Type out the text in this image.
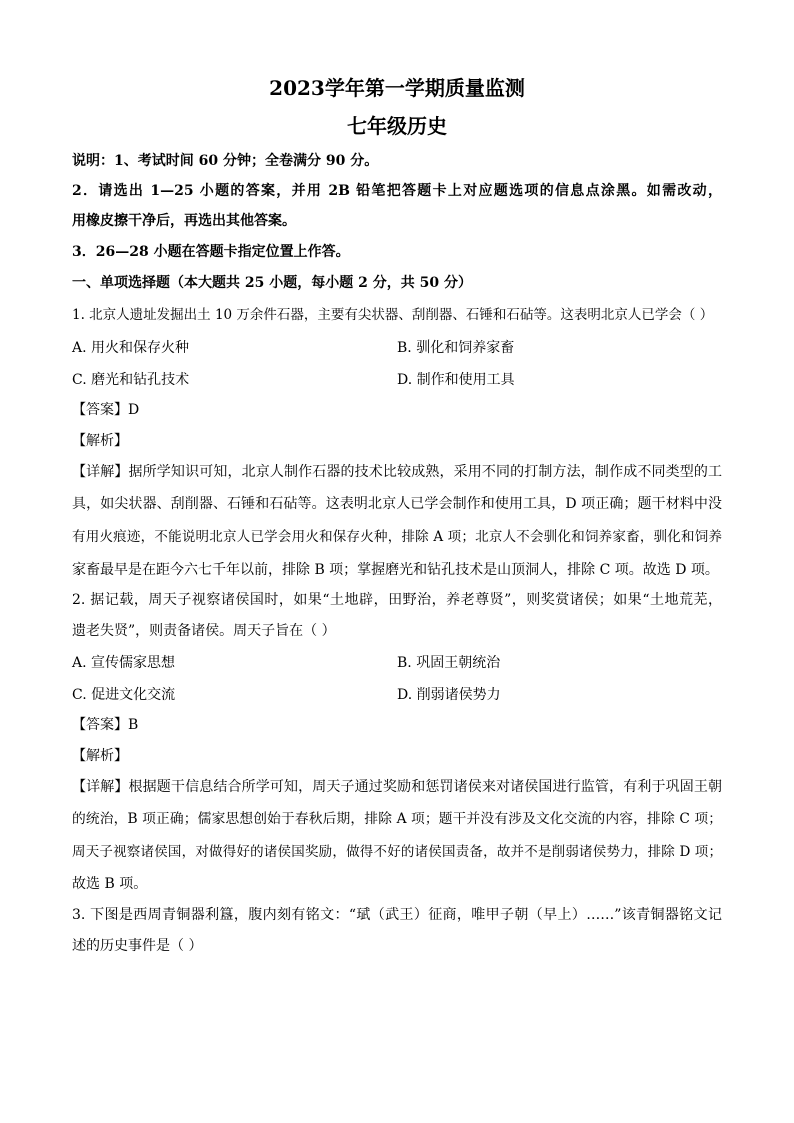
2023学年第一学期质量监测
七年级历史
说明：1、考试时间 60 分钟；全卷满分 90 分。
2．请选出 1—25 小题的答案，并用 2B 铅笔把答题卡上对应题选项的信息点涂黑。如需改动，
用橡皮擦干净后，再选出其他答案。
3．26—28 小题在答题卡指定位置上作答。
一、单项选择题（本大题共 25 小题，每小题 2 分，共 50 分）
1. 北京人遗址发掘出土 10 万余件石器，主要有尖状器、刮削器、石锤和石砧等。这表明北京人已学会（ ）
A. 用火和保存火种	B. 驯化和饲养家畜
C. 磨光和钻孔技术	D. 制作和使用工具
【答案】D
【解析】
【详解】据所学知识可知，北京人制作石器的技术比较成熟，采用不同的打制方法，制作成不同类型的工
具，如尖状器、刮削器、石锤和石砧等。这表明北京人已学会制作和使用工具，D 项正确；题干材料中没
有用火痕迹，不能说明北京人已学会用火和保存火种，排除 A 项；北京人不会驯化和饲养家畜，驯化和饲养
家畜最早是在距今六七千年以前，排除 B 项；掌握磨光和钻孔技术是山顶洞人，排除 C 项。故选 D 项。
2. 据记载，周天子视察诸侯国时，如果“土地辟，田野治，养老尊贤”，则奖赏诸侯；如果“土地荒芜，
遗老失贤”，则责备诸侯。周天子旨在（ ）
A. 宣传儒家思想	B. 巩固王朝统治
C. 促进文化交流	D. 削弱诸侯势力
【答案】B
【解析】
【详解】根据题干信息结合所学可知，周天子通过奖励和惩罚诸侯来对诸侯国进行监管，有利于巩固王朝
的统治，B 项正确；儒家思想创始于春秋后期，排除 A 项；题干并没有涉及文化交流的内容，排除 C 项；
周天子视察诸侯国，对做得好的诸侯国奖励，做得不好的诸侯国责备，故并不是削弱诸侯势力，排除 D 项；
故选 B 项。
3. 下图是西周青铜器利簋，腹内刻有铭文：“珷（武王）征商，唯甲子朝（早上）……”该青铜器铭文记
述的历史事件是（ ）
